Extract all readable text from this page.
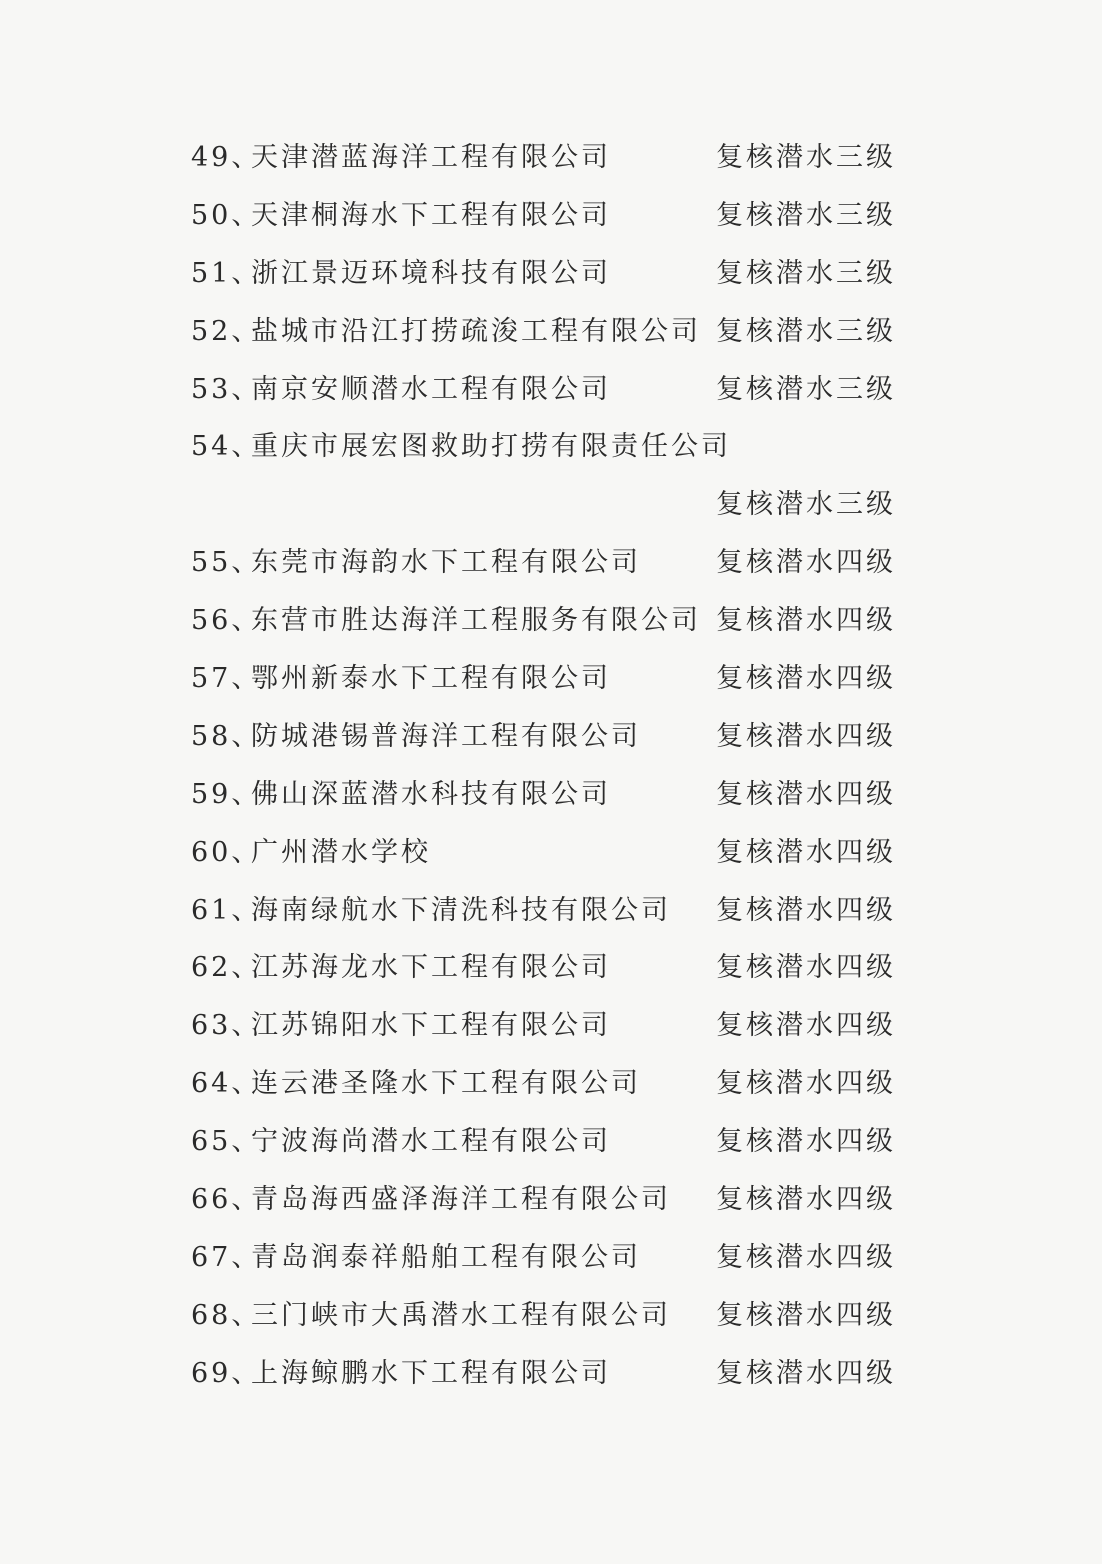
49、
天津潜蓝海洋工程有限公司	复核潜水三级
50、
天津桐海水下工程有限公司	复核潜水三级
51、
浙江景迈环境科技有限公司	复核潜水三级
52、
盐城市沿江打捞疏浚工程有限公司 复核潜水三级
53、
南京安顺潜水工程有限公司	复核潜水三级
54、
重庆市展宏图救助打捞有限责任公司
复核潜水三级
55、
东莞市海韵水下工程有限公司	复核潜水四级
56、
东营市胜达海洋工程服务有限公司 复核潜水四级
57、
鄂州新泰水下工程有限公司	复核潜水四级
58、
防城港锡普海洋工程有限公司	复核潜水四级
59、
佛山深蓝潜水科技有限公司	复核潜水四级
60、
广州潜水学校	复核潜水四级
61、
海南绿航水下清洗科技有限公司 复核潜水四级
62、
江苏海龙水下工程有限公司	复核潜水四级
63、
江苏锦阳水下工程有限公司	复核潜水四级
64、
连云港圣隆水下工程有限公司	复核潜水四级
65、
宁波海尚潜水工程有限公司	复核潜水四级
66、
青岛海西盛泽海洋工程有限公司 复核潜水四级
67、
青岛润泰祥船舶工程有限公司	复核潜水四级
68、
三门峡市大禹潜水工程有限公司 复核潜水四级
69、
上海鲸鹏水下工程有限公司	复核潜水四级
